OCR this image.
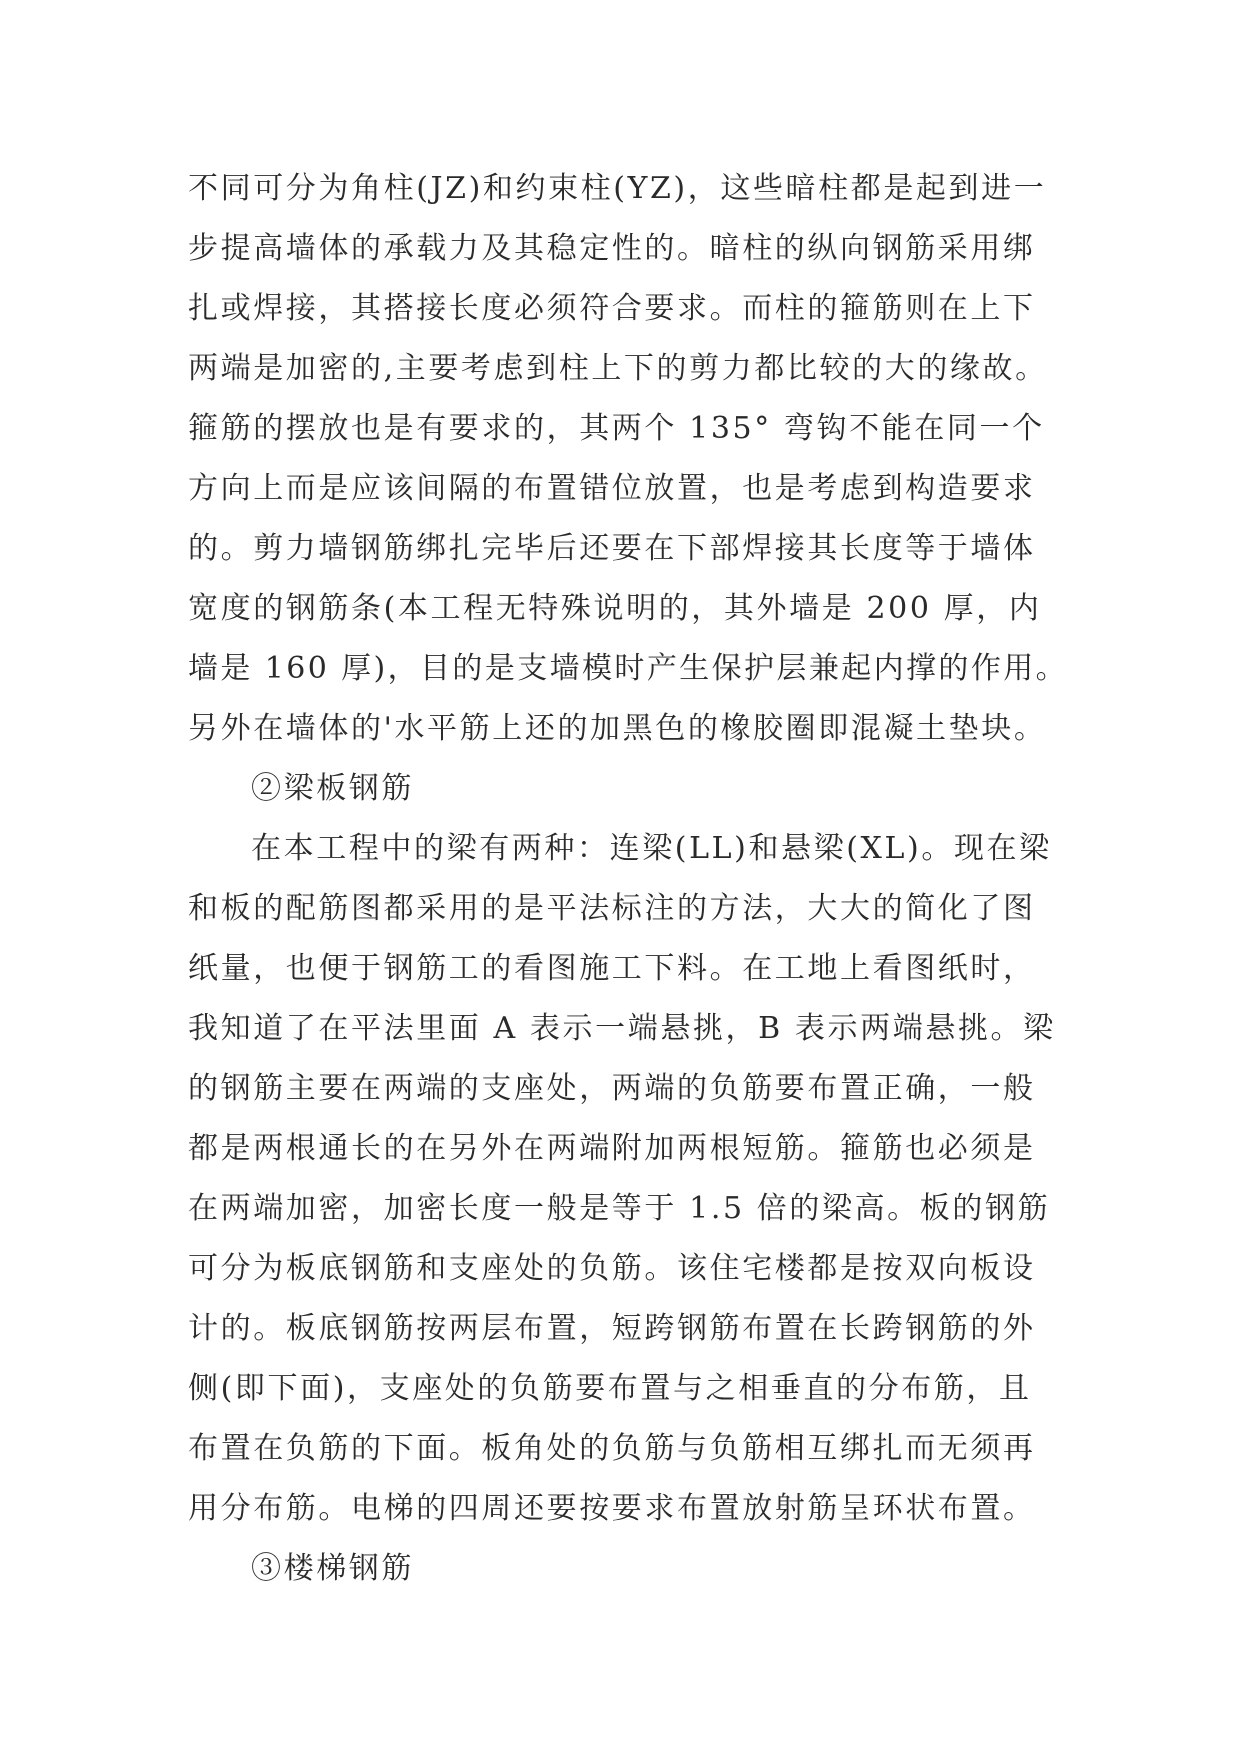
不同可分为角柱(JZ)和约束柱(YZ)，这些暗柱都是起到进一
步提高墙体的承载力及其稳定性的。暗柱的纵向钢筋采用绑
扎或焊接，其搭接长度必须符合要求。而柱的箍筋则在上下
两端是加密的,主要考虑到柱上下的剪力都比较的大的缘故。
箍筋的摆放也是有要求的，其两个 135° 弯钩不能在同一个
方向上而是应该间隔的布置错位放置，也是考虑到构造要求
的。剪力墙钢筋绑扎完毕后还要在下部焊接其长度等于墙体
宽度的钢筋条(本工程无特殊说明的，其外墙是 200 厚，内
墙是 160 厚)，目的是支墙模时产生保护层兼起内撑的作用。
另外在墙体的'水平筋上还的加黑色的橡胶圈即混凝土垫块。
②梁板钢筋
在本工程中的梁有两种：连梁(LL)和悬梁(XL)。现在梁
和板的配筋图都采用的是平法标注的方法，大大的简化了图
纸量，也便于钢筋工的看图施工下料。在工地上看图纸时，
我知道了在平法里面 A 表示一端悬挑，B 表示两端悬挑。梁
的钢筋主要在两端的支座处，两端的负筋要布置正确，一般
都是两根通长的在另外在两端附加两根短筋。箍筋也必须是
在两端加密，加密长度一般是等于 1.5 倍的梁高。板的钢筋
可分为板底钢筋和支座处的负筋。该住宅楼都是按双向板设
计的。板底钢筋按两层布置，短跨钢筋布置在长跨钢筋的外
侧(即下面)，支座处的负筋要布置与之相垂直的分布筋，且
布置在负筋的下面。板角处的负筋与负筋相互绑扎而无须再
用分布筋。电梯的四周还要按要求布置放射筋呈环状布置。
③楼梯钢筋
